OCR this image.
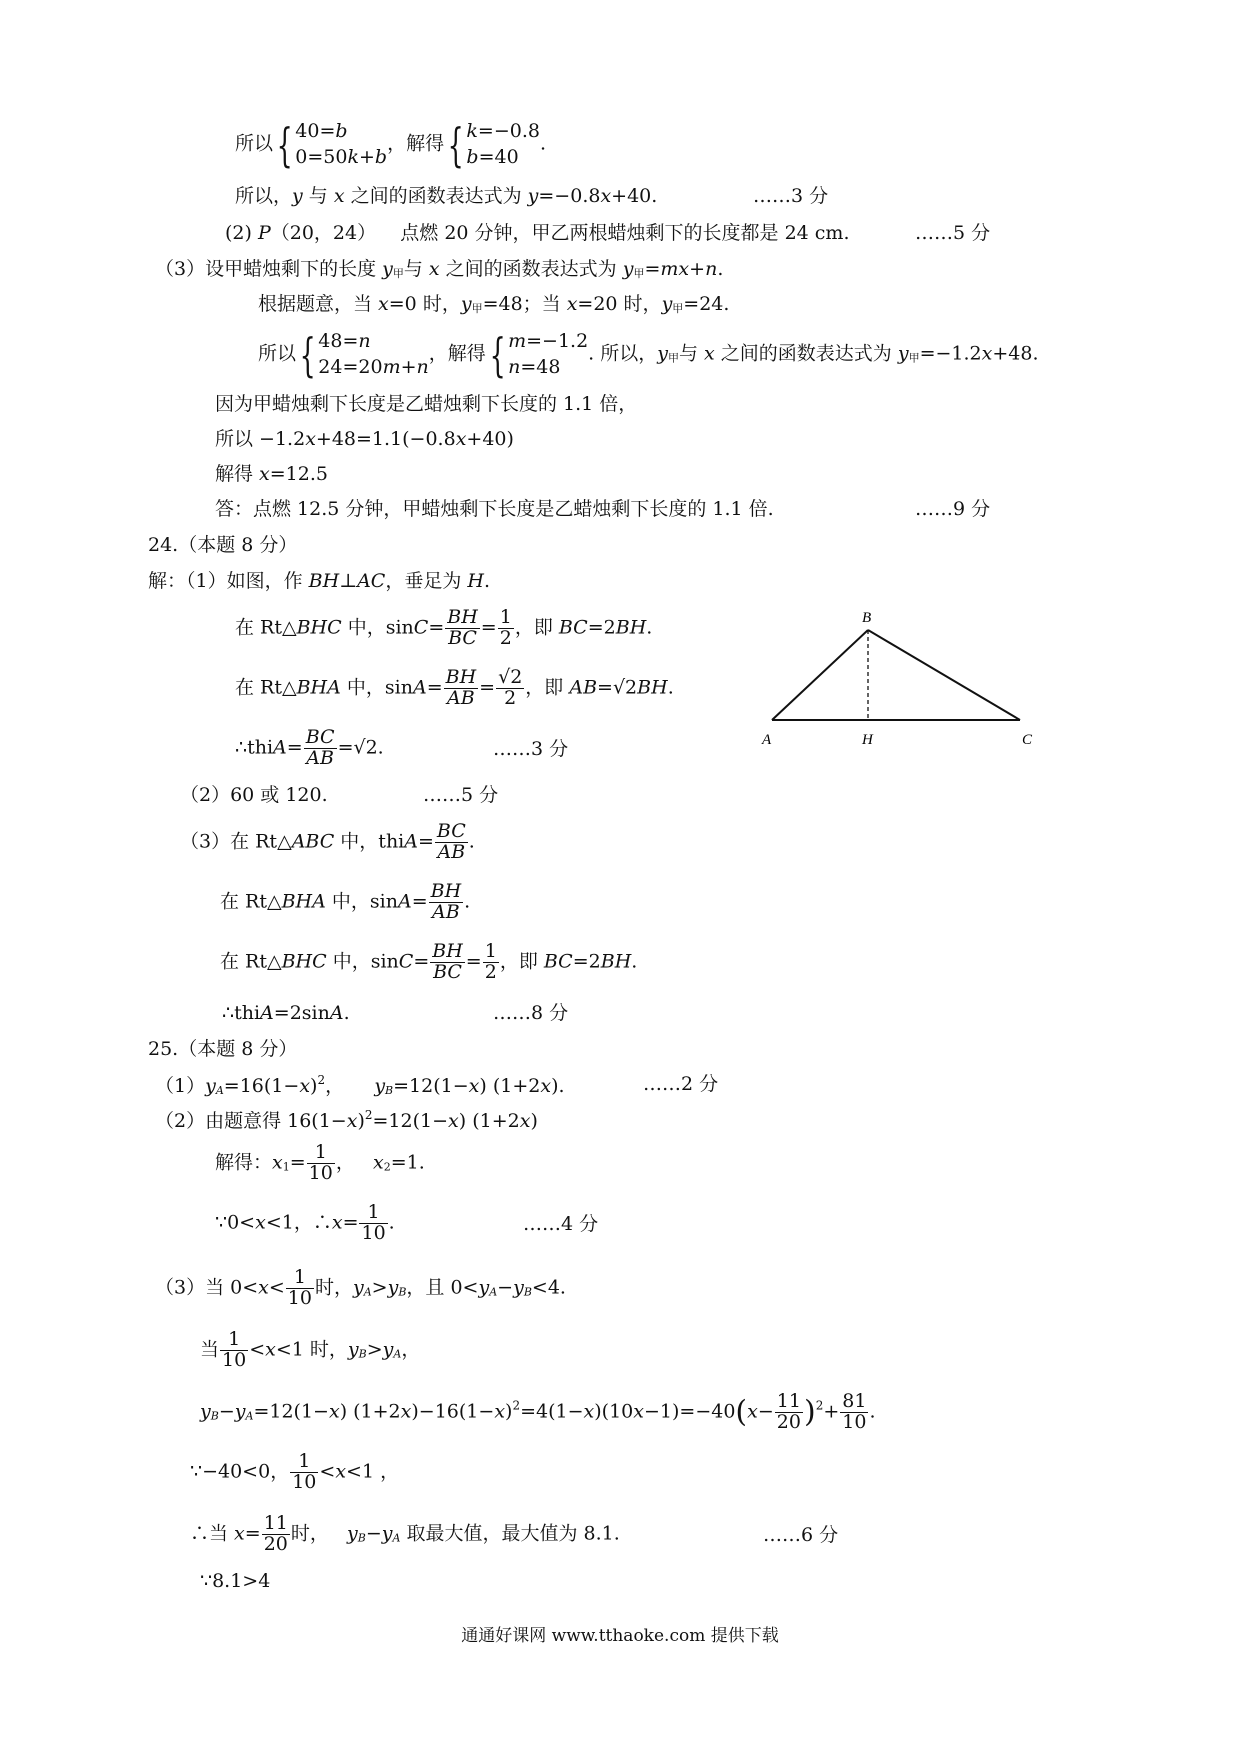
所以{ 40=b
0=50k+b
，解得{ k=−0.8
b=40
.
所以，y 与 x 之间的函数表达式为 y=−0.8x+40.	……3 分
(2) P（20，24） 点燃 20 分钟，甲乙两根蜡烛剩下的长度都是 24 cm.	……5 分
（3）设甲蜡烛剩下的长度 y甲与 x 之间的函数表达式为 y甲=mx+n.
根据题意，当 x=0 时，y甲=48；当 x=20 时，y甲=24.
所以{ 48=n
24=20m+n
，解得{ m=−1.2
n=48
. 所以，y甲与 x 之间的函数表达式为 y甲=−1.2x+48.
因为甲蜡烛剩下长度是乙蜡烛剩下长度的 1.1 倍，
所以 −1.2x+48=1.1(−0.8x+40)
解得 x=12.5
答：点燃 12.5 分钟，甲蜡烛剩下长度是乙蜡烛剩下长度的 1.1 倍.	……9 分
24.（本题 8 分）
解：（1）如图，作 BH⊥AC，垂足为 H.
在 Rt△BHC 中，$\sin C= \frac{BH}{BC} = \frac{1}{2}$ ，即 BC=2BH.
在 Rt△BHA 中，$\sin A= \frac{BH}{AB} = \frac{√2}{2}$ ，即 AB=√2BH.
∴thiA= $\frac{BC}{AB} =√2$.	……3 分
B
A	H	C
（2）60 或 120.	……5 分
（3）在 Rt△ABC 中，thiA= $\frac{BC}{AB}$ .
在 Rt△BHA 中，$\sin A= \frac{BH}{AB}$ .
在 Rt△BHC 中，$\sin C= \frac{BH}{BC} = \frac{1}{2}$ ，即 BC=2BH.
∴thiA=2sinA.	……8 分
25.（本题 8 分）
$(1)yA=16(1-x)^2$， yB=12(1−x) (1+2x).	……2 分
（2）由题意得 $16(1-x)^2=12(1-x)$ (1+2x)
解得：$x1= \frac{1}{10}$ ， x2=1.
∵0<x<1，∴x= $\frac{1}{10}$ .	……4 分
（3）当 $0<x< \frac{1}{10}$ 时，yA>yB，且 0<yA−yB<4.
当 $\frac{1}{10} <x<1$ 时，yB>yA，
yB−yA=12(1−x) $(1+2x)-16(1-x)^2=4(1-x)(10x-1)=-40(x- \frac{11}{20} )^2+ \frac{81}{10}$ .
∵−40<0， $\frac{1}{10} <x<1$ ，
∴当 $x= \frac{11}{20}$ 时， yB−yA 取最大值，最大值为 8.1.	……6 分
∵8.1>4
通通好课网 www.tthaoke.com 提供下载
